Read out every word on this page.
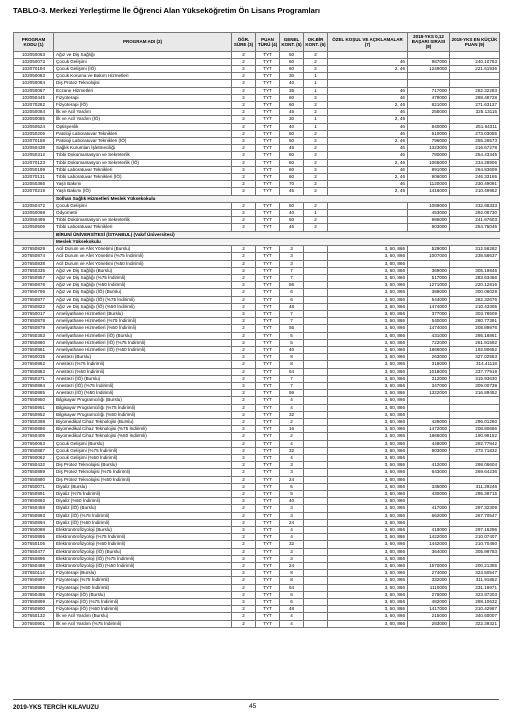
TABLO-3. Merkezi Yerleştirme İle Öğrenci Alan Yükseköğretim Ön Lisans Programları
PROGRAM KODU (1)	PROGRAM ADI (2)	ÖĞR. SÜRE (3)	PUAN TÜRÜ (4)	GENEL KONT. (5)	OK.BİR KONT. (6)	ÖZEL KOŞUL VE AÇIKLAMALAR (7)	2018-YKS 0,12 BAŞARI SIRASI (8)	2018-YKS EN KÜÇÜK PUAN (9)
102050063	Ağız ve Diş Sağlığı	2	TYT	50	2			
102050073	Çocuk Gelişimi	2	TYT	60	2	46	987000	240.10763
102070194	Çocuk Gelişimi (İÖ)	2	TYT	60	2	2, 46	1249000	221.61936
102050083	Çocuk Koruma ve Bakım Hizmetleri	2	TYT	30	1			
102050084	Diş Protez Teknolojisi	2	TYT	40	1			
102050067	Eczane Hizmetleri	2	TYT	35	1	46	717000	262.32283
102050445	Fizyoterapi	2	TYT	60	2	46	479000	288.48728
102070282	Fizyoterapi (İÖ)	2	TYT	60	2	2, 46	821000	271.63137
102050084	İlk ve Acil Yardım	2	TYT	45	2	46	255000	325.13115
102050085	İlk ve Acil Yardım (İÖ)	2	TYT	30	1	2, 46		
102050524	Optisyenlik	2	TYT	40	1	46	840000	251.64311
102050206	Patoloji Laboratuvar Teknikleri	2	TYT	50	2	46	610000	273.03055
102070158	Patoloji Laboratuvar Teknikleri (İÖ)	2	TYT	50	2	2, 46	796000	255.26573
102050438	Sağlık Kurumları İşletmeciliği	2	TYT	45	2	46	1323000	216.67278
102050312	Tıbbi Dokümantasyon ve Sekreterlik	2	TYT	60	2	46	780000	254.43345
102070123	Tıbbi Dokümantasyon ve Sekreterlik (İÖ)	2	TYT	60	2	2, 46	1066000	234.28906
102050199	Tıbbi Laboratuvar Teknikleri	2	TYT	60	2	46	891000	264.83609
102070131	Tıbbi Laboratuvar Teknikleri (İÖ)	2	TYT	60	2	2, 46	906000	246.33165
102050366	Yaşlı Bakımı	2	TYT	70	2	46	1120000	230.49091
102070219	Yaşlı Bakımı (İÖ)	2	TYT	45	2	2, 46	1416000	210.49952
	Solhan Sağlık Hizmetleri Meslek Yüksekokulu							
102050472	Çocuk Gelişimi	2	TYT	50	2		1089000	232.68333
102050068	Odyometri	2	TYT	40	1		453000	292.06730
102050499	Tıbbi Dokümantasyon ve Sekreterlik	2	TYT	50	2		986000	241.67603
102050506	Tıbbi Laboratuvar Teknikleri	2	TYT	45	2		803000	254.75045
	BİRUNİ ÜNİVERSİTESİ (İSTANBUL) (Vakıf Üniversitesi)							
	Meslek Yüksekokulu							
207650829	Acil Durum ve Afet Yönetimi (Burslu)	2	TYT	3		3, 60, 866	529000	312.56282
207650874	Acil Durum ve Afet Yönetimi (%75 İndirimli)	2	TYT	3		3, 60, 866	1007000	238.58637
207650838	Acil Durum ve Afet Yönetimi (%50 İndirimli)	2	TYT	3		3, 60, 866		
207650335	Ağız ve Diş Sağlığı (Burslu)	2	TYT	7		3, 60, 866	369000	305.19845
207650857	Ağız ve Diş Sağlığı (%75 İndirimli)	2	TYT	7		3, 60, 866	517000	283.63466
207650876	Ağız ve Diş Sağlığı (%50 İndirimli)	2	TYT	56		3, 60, 866	1271000	220.12816
207650795	Ağız ve Diş Sağlığı (İÖ) (Burslu)	2	TYT	6		3, 60, 866	388000	300.08029
207650877	Ağız ve Diş Sağlığı (İÖ) (%75 İndirimli)	2	TYT	6		3, 60, 866	544000	282.32676
207650822	Ağız ve Diş Sağlığı (İÖ) (%50 İndirimli)	2	TYT	48		3, 60, 866	1474000	210.43305
207650017	Ameliyathane Hizmetleri (Burslu)	2	TYT	7		3, 60, 866	377000	303.78509
207650878	Ameliyathane Hizmetleri (%75 İndirimli)	2	TYT	7		3, 60, 866	540000	280.77391
207650879	Ameliyathane Hizmetleri (%50 İndirimli)	2	TYT	56		3, 60, 866	1474000	208.89976
207650353	Ameliyathane Hizmetleri (İÖ) (Burslu)	2	TYT	5		3, 60, 866	431000	295.18861
207650880	Ameliyathane Hizmetleri (İÖ) (%75 İndirimli)	2	TYT	5		3, 60, 866	722000	261.91592
207650881	Ameliyathane Hizmetleri (İÖ) (%50 İndirimli)	2	TYT	40		3, 60, 866	1866000	192.80652
207650035	Anestezi (Burslu)	2	TYT	8		3, 60, 866	263000	327.02553
207650882	Anestezi (%75 İndirimli)	2	TYT	8		3, 60, 866	319000	314.41118
207650883	Anestezi (%50 İndirimli)	2	TYT	64		3, 60, 866	1018000	237.77919
207650371	Anestezi (İÖ) (Burslu)	2	TYT	7		3, 60, 866	312000	315.93630
207650884	Anestezi (İÖ) (%75 İndirimli)	2	TYT	7		3, 60, 866	347000	309.00739
207650885	Anestezi (İÖ) (%50 İndirimli)	2	TYT	56		3, 60, 866	1322000	216.89452
207650950	Bilgisayar Programcılığı (Burslu)	2	TYT	4		3, 60, 866		
207650951	Bilgisayar Programcılığı (%75 İndirimli)	2	TYT	4		3, 60, 866		
207650952	Bilgisayar Programcılığı (%50 İndirimli)	2	TYT	32		3, 60, 866		
207650398	Biyomedikal Cihaz Teknolojisi (Burslu)	2	TYT	2		3, 60, 866	426000	296.01260
207650886	Biyomedikal Cihaz Teknolojisi (%75 İndirimli)	2	TYT	16		3, 60, 866	1472000	208.80686
207650405	Biyomedikal Cihaz Teknolojisi (%50 İndirimli)	2	TYT	2		3, 60, 866	1866000	190.98152
207650053	Çocuk Gelişimi (Burslu)	2	TYT	4		3, 60, 866	448000	292.77842
207650887	Çocuk Gelişimi (%75 İndirimli)	2	TYT	32		3, 60, 866	803000	273.71832
207650062	Çocuk Gelişimi (%50 İndirimli)	2	TYT	4		3, 60, 866		
207650432	Diş Protez Teknolojisi (Burslu)	2	TYT	3		3, 60, 866	412000	298.06604
207650889	Diş Protez Teknolojisi (%75 İndirimli)	2	TYT	3		3, 60, 866	643000	269.64236
207650890	Diş Protez Teknolojisi (%50 İndirimli)	2	TYT	24		3, 60, 866		
207650071	Diyaliz (Burslu)	2	TYT	5		3, 60, 866	335000	311.29246
207650891	Diyaliz (%75 İndirimli)	2	TYT	5		3, 60, 866	430000	295.39715
207650892	Diyaliz (%50 İndirimli)	2	TYT	40		3, 60, 866		
207650459	Diyaliz (İÖ) (Burslu)	2	TYT	3		3, 60, 866	417000	297.32309
207650893	Diyaliz (İÖ) (%75 İndirimli)	2	TYT	3		3, 60, 866	662000	267.70547
207650894	Diyaliz (İÖ) (%50 İndirimli)	2	TYT	24		3, 60, 866		
207650088	Elektronörofizyoloji (Burslu)	2	TYT	4		3, 60, 866	418000	297.16296
207650895	Elektronörofizyoloji (%75 İndirimli)	2	TYT	4		3, 60, 866	1422000	210.07407
207650105	Elektronörofizyoloji (%50 İndirimli)	2	TYT	32		3, 60, 866	1442000	210.70460
207650477	Elektronörofizyoloji (İÖ) (Burslu)	2	TYT	3		3, 60, 866	364000	305.99783
207650896	Elektronörofizyoloji (İÖ) (%75 İndirimli)	2	TYT	3		3, 60, 866		
207650486	Elektronörofizyoloji (İÖ) (%50 İndirimli)	2	TYT	24		3, 60, 866	1570000	200.21355
207650114	Fizyoterapi (Burslu)	2	TYT	8		3, 60, 866	274000	324.50547
207650897	Fizyoterapi (%75 İndirimli)	2	TYT	8		3, 60, 866	332000	311.91852
207650898	Fizyoterapi (%50 İndirimli)	2	TYT	64		3, 60, 866	1110000	231.18971
207650495	Fizyoterapi (İÖ) (Burslu)	2	TYT	6		3, 60, 866	276000	323.97303
207650899	Fizyoterapi (İÖ) (%75 İndirimli)	2	TYT	6		3, 60, 866	482000	288.10632
207650900	Fizyoterapi (İÖ) (%50 İndirimli)	2	TYT	48		3, 60, 866	1417000	210.42987
207650132	İlk ve Acil Yardım (Burslu)	2	TYT	4		3, 60, 866	215000	340.60007
207650901	İlk ve Acil Yardım (%75 İndirimli)	2	TYT	4		3, 60, 866	283000	322.39321
2019-YKS TERCİH KILAVUZU	45
